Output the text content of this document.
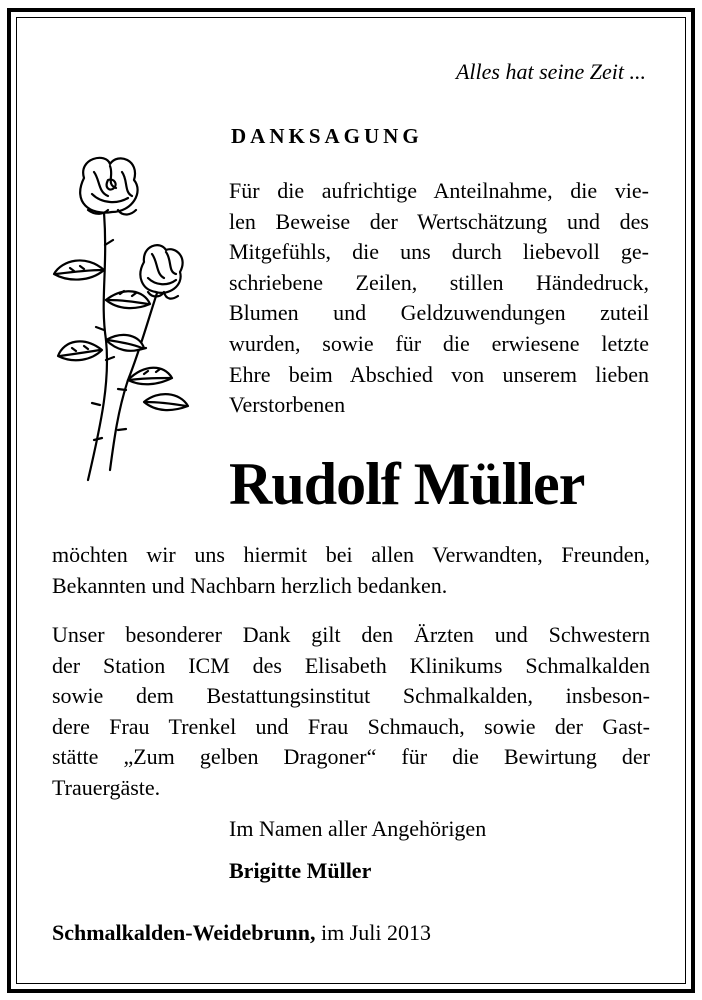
Alles hat seine Zeit ...
DANKSAGUNG
Für die aufrichtige Anteilnahme, die vie-
len Beweise der Wertschätzung und des
Mitgefühls, die uns durch liebevoll ge-
schriebene Zeilen, stillen Händedruck,
Blumen und Geldzuwendungen zuteil
wurden, sowie für die erwiesene letzte
Ehre beim Abschied von unserem lieben
Verstorbenen
Rudolf Müller
möchten wir uns hiermit bei allen Verwandten, Freunden,
Bekannten und Nachbarn herzlich bedanken.
Unser besonderer Dank gilt den Ärzten und Schwestern
der Station ICM des Elisabeth Klinikums Schmalkalden
sowie dem Bestattungsinstitut Schmalkalden, insbeson-
dere Frau Trenkel und Frau Schmauch, sowie der Gast-
stätte „Zum gelben Dragoner“ für die Bewirtung der
Trauergäste.
Im Namen aller Angehörigen
Brigitte Müller
Schmalkalden-Weidebrunn, im Juli 2013
